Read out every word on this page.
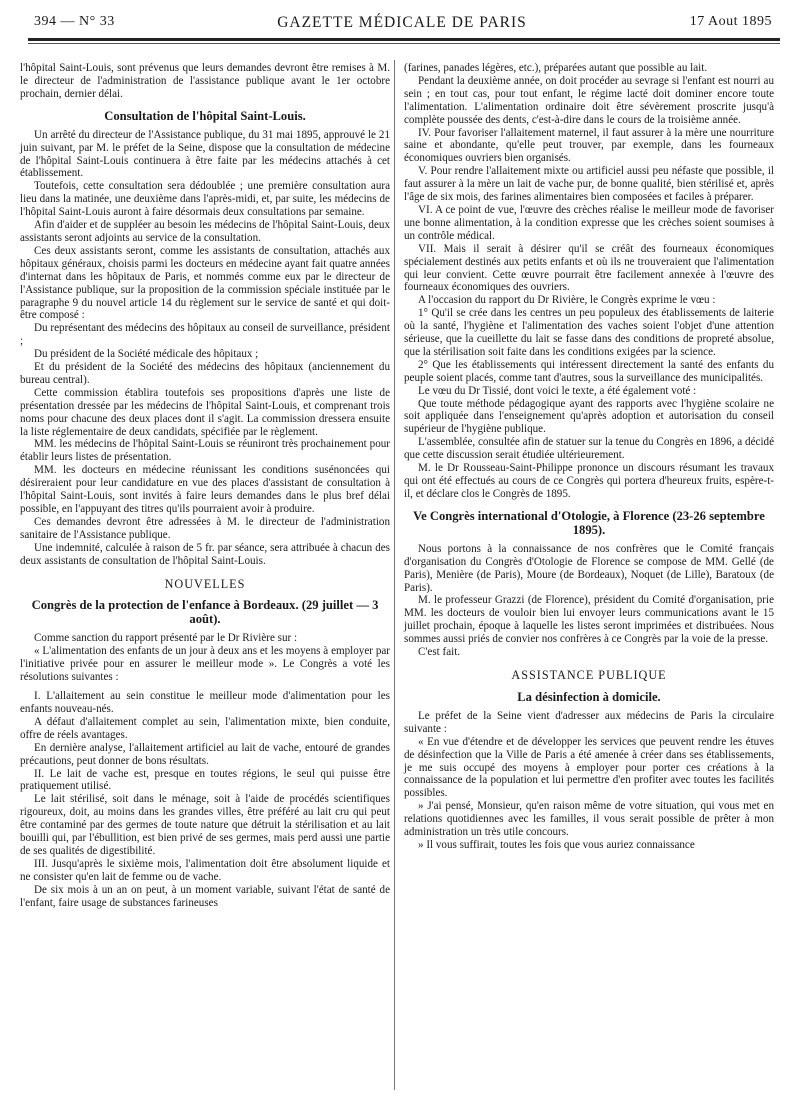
394 — N° 33	GAZETTE MÉDICALE DE PARIS	17 Aout 1895

l'hôpital Saint-Louis, sont prévenus que leurs demandes devront être remises à M. le directeur de l'administration de l'assistance publique avant le 1er octobre prochain, dernier délai.

Consultation de l'hôpital Saint-Louis.

Un arrêté du directeur de l'Assistance publique, du 31 mai 1895, approuvé le 21 juin suivant, par M. le préfet de la Seine, dispose que la consultation de médecine de l'hôpital Saint-Louis continuera à être faite par les médecins attachés à cet établissement.

Toutefois, cette consultation sera dédoublée ; une première consultation aura lieu dans la matinée, une deuxième dans l'après-midi, et, par suite, les médecins de l'hôpital Saint-Louis auront à faire désormais deux consultations par semaine.

Afin d'aider et de suppléer au besoin les médecins de l'hôpital Saint-Louis, deux assistants seront adjoints au service de la consultation.

Ces deux assistants seront, comme les assistants de consultation, attachés aux hôpitaux généraux, choisis parmi les docteurs en médecine ayant fait quatre années d'internat dans les hôpitaux de Paris, et nommés comme eux par le directeur de l'Assistance publique, sur la proposition de la commission spéciale instituée par le paragraphe 9 du nouvel article 14 du règlement sur le service de santé et qui doit-être composé :

Du représentant des médecins des hôpitaux au conseil de surveillance, président ;

Du président de la Société médicale des hôpitaux ;

Et du président de la Société des médecins des hôpitaux (anciennement du bureau central).

Cette commission établira toutefois ses propositions d'après une liste de présentation dressée par les médecins de l'hôpital Saint-Louis, et comprenant trois noms pour chacune des deux places dont il s'agit. La commission dressera ensuite la liste réglementaire de deux candidats, spécifiée par le règlement.

MM. les médecins de l'hôpital Saint-Louis se réuniront très prochainement pour établir leurs listes de présentation.

MM. les docteurs en médecine réunissant les conditions susénoncées qui désireraient pour leur candidature en vue des places d'assistant de consultation à l'hôpital Saint-Louis, sont invités à faire leurs demandes dans le plus bref délai possible, en l'appuyant des titres qu'ils pourraient avoir à produire.

Ces demandes devront être adressées à M. le directeur de l'administration sanitaire de l'Assistance publique.

Une indemnité, calculée à raison de 5 fr. par séance, sera attribuée à chacun des deux assistants de consultation de l'hôpital Saint-Louis.

NOUVELLES
Congrès de la protection de l'enfance à Bordeaux. (29 juillet — 3 août).

Comme sanction du rapport présenté par le Dr Rivière sur :

« L'alimentation des enfants de un jour à deux ans et les moyens à employer par l'initiative privée pour en assurer le meilleur mode ». Le Congrès a voté les résolutions suivantes :

I. L'allaitement au sein constitue le meilleur mode d'alimentation pour les enfants nouveau-nés.

A défaut d'allaitement complet au sein, l'alimentation mixte, bien conduite, offre de réels avantages.

En dernière analyse, l'allaitement artificiel au lait de vache, entouré de grandes précautions, peut donner de bons résultats.

II. Le lait de vache est, presque en toutes régions, le seul qui puisse être pratiquement utilisé.

Le lait stérilisé, soit dans le ménage, soit à l'aide de procédés scientifiques rigoureux, doit, au moins dans les grandes villes, être préféré au lait cru qui peut être contaminé par des germes de toute nature que détruit la stérilisation et au lait bouilli qui, par l'ébullition, est bien privé de ses germes, mais perd aussi une partie de ses qualités de digestibilité.

III. Jusqu'après le sixième mois, l'alimentation doit être absolument liquide et ne consister qu'en lait de femme ou de vache.

De six mois à un an on peut, à un moment variable, suivant l'état de santé de l'enfant, faire usage de substances farineuses

(farines, panades légères, etc.), préparées autant que possible au lait.

Pendant la deuxième année, on doit procéder au sevrage si l'enfant est nourri au sein ; en tout cas, pour tout enfant, le régime lacté doit dominer encore toute l'alimentation. L'alimentation ordinaire doit être sévèrement proscrite jusqu'à complète poussée des dents, c'est-à-dire dans le cours de la troisième année.

IV. Pour favoriser l'allaitement maternel, il faut assurer à la mère une nourriture saine et abondante, qu'elle peut trouver, par exemple, dans les fourneaux économiques ouvriers bien organisés.

V. Pour rendre l'allaitement mixte ou artificiel aussi peu néfaste que possible, il faut assurer à la mère un lait de vache pur, de bonne qualité, bien stérilisé et, après l'âge de six mois, des farines alimentaires bien composées et faciles à préparer.

VI. A ce point de vue, l'œuvre des crèches réalise le meilleur mode de favoriser une bonne alimentation, à la condition expresse que les crèches soient soumises à un contrôle médical.

VII. Mais il serait à désirer qu'il se créât des fourneaux économiques spécialement destinés aux petits enfants et où ils ne trouveraient que l'alimentation qui leur convient. Cette œuvre pourrait être facilement annexée à l'œuvre des fourneaux économiques des ouvriers.

A l'occasion du rapport du Dr Rivière, le Congrès exprime le vœu :

1° Qu'il se crée dans les centres un peu populeux des établissements de laiterie où la santé, l'hygiène et l'alimentation des vaches soient l'objet d'une attention sérieuse, que la cueillette du lait se fasse dans des conditions de propreté absolue, que la stérilisation soit faite dans les conditions exigées par la science.

2° Que les établissements qui intéressent directement la santé des enfants du peuple soient placés, comme tant d'autres, sous la surveillance des municipalités.

Le vœu du Dr Tissié, dont voici le texte, a été également voté :

Que toute méthode pédagogique ayant des rapports avec l'hygiène scolaire ne soit appliquée dans l'enseignement qu'après adoption et autorisation du conseil supérieur de l'hygiène publique.

L'assemblée, consultée afin de statuer sur la tenue du Congrès en 1896, a décidé que cette discussion serait étudiée ultérieurement.

M. le Dr Rousseau-Saint-Philippe prononce un discours résumant les travaux qui ont été effectués au cours de ce Congrès qui portera d'heureux fruits, espère-t-il, et déclare clos le Congrès de 1895.

Ve Congrès international d'Otologie, à Florence (23-26 septembre 1895).

Nous portons à la connaissance de nos confrères que le Comité français d'organisation du Congrès d'Otologie de Florence se compose de MM. Gellé (de Paris), Menière (de Paris), Moure (de Bordeaux), Noquet (de Lille), Baratoux (de Paris).

M. le professeur Grazzi (de Florence), président du Comité d'organisation, prie MM. les docteurs de vouloir bien lui envoyer leurs communications avant le 15 juillet prochain, époque à laquelle les listes seront imprimées et distribuées. Nous sommes aussi priés de convier nos confrères à ce Congrès par la voie de la presse.

C'est fait.

ASSISTANCE PUBLIQUE
La désinfection à domicile.

Le préfet de la Seine vient d'adresser aux médecins de Paris la circulaire suivante :

« En vue d'étendre et de développer les services que peuvent rendre les étuves de désinfection que la Ville de Paris a été amenée à créer dans ses établissements, je me suis occupé des moyens à employer pour porter ces créations à la connaissance de la population et lui permettre d'en profiter avec toutes les facilités possibles.

» J'ai pensé, Monsieur, qu'en raison même de votre situation, qui vous met en relations quotidiennes avec les familles, il vous serait possible de prêter à mon administration un très utile concours.

» Il vous suffirait, toutes les fois que vous auriez connaissance
